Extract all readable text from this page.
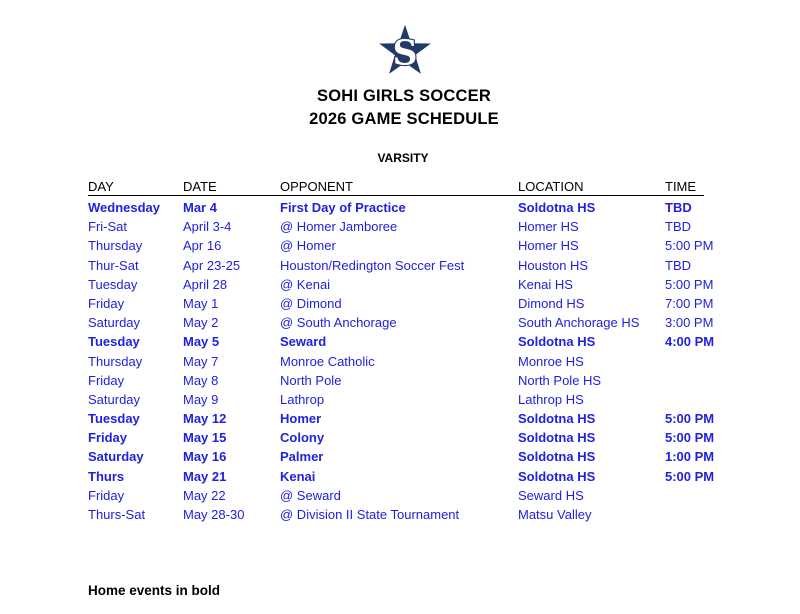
S
SOHI GIRLS SOCCER
2026 GAME SCHEDULE
VARSITY
DAY	DATE	OPPONENT	LOCATION	TIME
Wednesday	Mar 4	First Day of Practice	Soldotna HS	TBD
Fri-Sat	April 3-4	@ Homer Jamboree	Homer HS	TBD
Thursday	Apr 16	@ Homer	Homer HS	5:00 PM
Thur-Sat	Apr 23-25	Houston/Redington Soccer Fest	Houston HS	TBD
Tuesday	April 28	@ Kenai	Kenai HS	5:00 PM
Friday	May 1	@ Dimond	Dimond HS	7:00 PM
Saturday	May 2	@ South Anchorage	South Anchorage HS	3:00 PM
Tuesday	May 5	Seward	Soldotna HS	4:00 PM
Thursday	May 7	Monroe Catholic	Monroe HS
Friday	May 8	North Pole	North Pole HS
Saturday	May 9	Lathrop	Lathrop HS
Tuesday	May 12	Homer	Soldotna HS	5:00 PM
Friday	May 15	Colony	Soldotna HS	5:00 PM
Saturday	May 16	Palmer	Soldotna HS	1:00 PM
Thurs	May 21	Kenai	Soldotna HS	5:00 PM
Friday	May 22	@ Seward	Seward HS
Thurs-Sat	May 28-30	@ Division II State Tournament	Matsu Valley
Home events in bold
